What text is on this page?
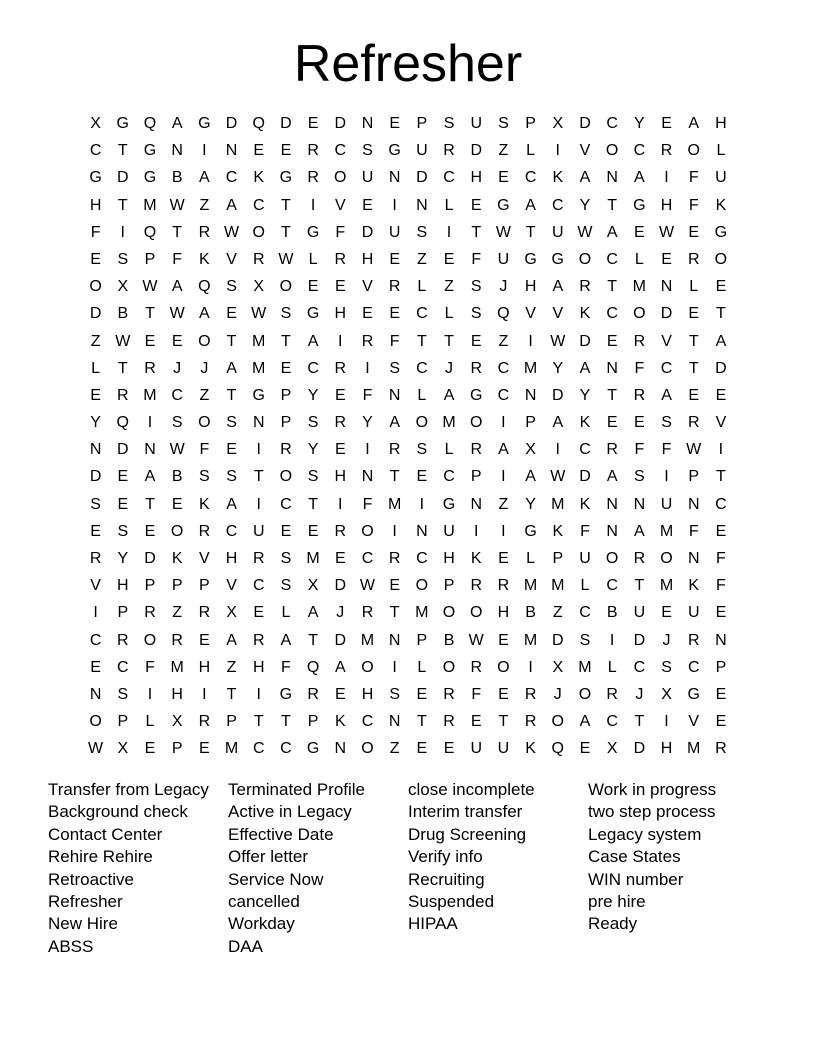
Refresher
X G Q A G D Q D	E	D N	E	P	S	U	S	P	X	D C	Y	E	A	H
C	T	G N	I	N	E	E	R C	S G U R D	Z	L	I	V O C R O	L
G D G B	A	C	K G R O U N D C H	E	C	K	A	N	A	I	F	U
H	T M W Z	A	C	T	I	V	E	I	N	L	E G A	C	Y	T	G H	F	K
F	I	Q	T	R W O	T	G	F	D U	S	I	T W T	U W A	E W E G
E	S	P	F	K	V	R W L	R H	E	Z	E	F	U G G O C	L	E	R O
O X W A Q S	X O E	E	V	R	L	Z	S	J	H	A	R	T M N	L	E
D	B	T W A	E W S G H	E	E	C	L	S Q V	V	K	C O D	E	T
Z W E	E O	T M T	A	I	R	F	T	T	E	Z	I	W D	E	R	V	T	A
L	T	R	J	J	A M E	C R	I	S	C	J	R C M Y	A	N	F	C	T	D
E	R M C	Z	T	G P	Y	E	F	N	L	A G C N D	Y	T	R	A	E	E
Y Q	I	S O S	N	P	S	R	Y	A O M O	I	P	A	K	E	E	S	R	V
N D N W F	E	I	R	Y	E	I	R	S	L	R	A	X	I	C R	F	F W	I
D	E	A	B	S	S	T	O S	H N	T	E	C	P	I	A W D	A	S	I	P	T
S	E	T	E	K	A	I	C	T	I	F M	I	G N	Z	Y M K	N N U N C
E	S	E O R C U	E	E	R O	I	N U	I	I	G K	F	N	A M F	E
R	Y	D	K	V	H R	S M E	C R C H	K	E	L	P	U O R O N	F
V	H	P	P	P	V	C	S	X	D W E O P	R R M M	L	C	T M K	F
I	P	R	Z	R	X	E	L	A	J	R	T M O O H	B	Z	C	B	U	E	U	E
C R O R	E	A	R	A	T	D M N	P	B W E M D	S	I	D	J	R N
E	C	F M H	Z	H	F	Q A O	I	L	O R O	I	X M	L	C	S	C	P
N	S	I	H	I	T	I	G R	E	H	S	E	R	F	E	R	J	O R	J	X G E
O P	L	X	R	P	T	T	P	K	C N	T	R	E	T	R O A	C	T	I	V	E
W X	E	P	E M C C G N O	Z	E	E	U U	K Q E	X	D H M R
Transfer from Legacy
Background check
Contact Center
Rehire Rehire
Retroactive
Refresher
New Hire
ABSS
Terminated Profile
Active in Legacy
Effective Date
Offer letter
Service Now
cancelled
Workday
DAA
close incomplete
Interim transfer
Drug Screening
Verify info
Recruiting
Suspended
HIPAA
Work in progress
two step process
Legacy system
Case States
WIN number
pre hire
Ready
